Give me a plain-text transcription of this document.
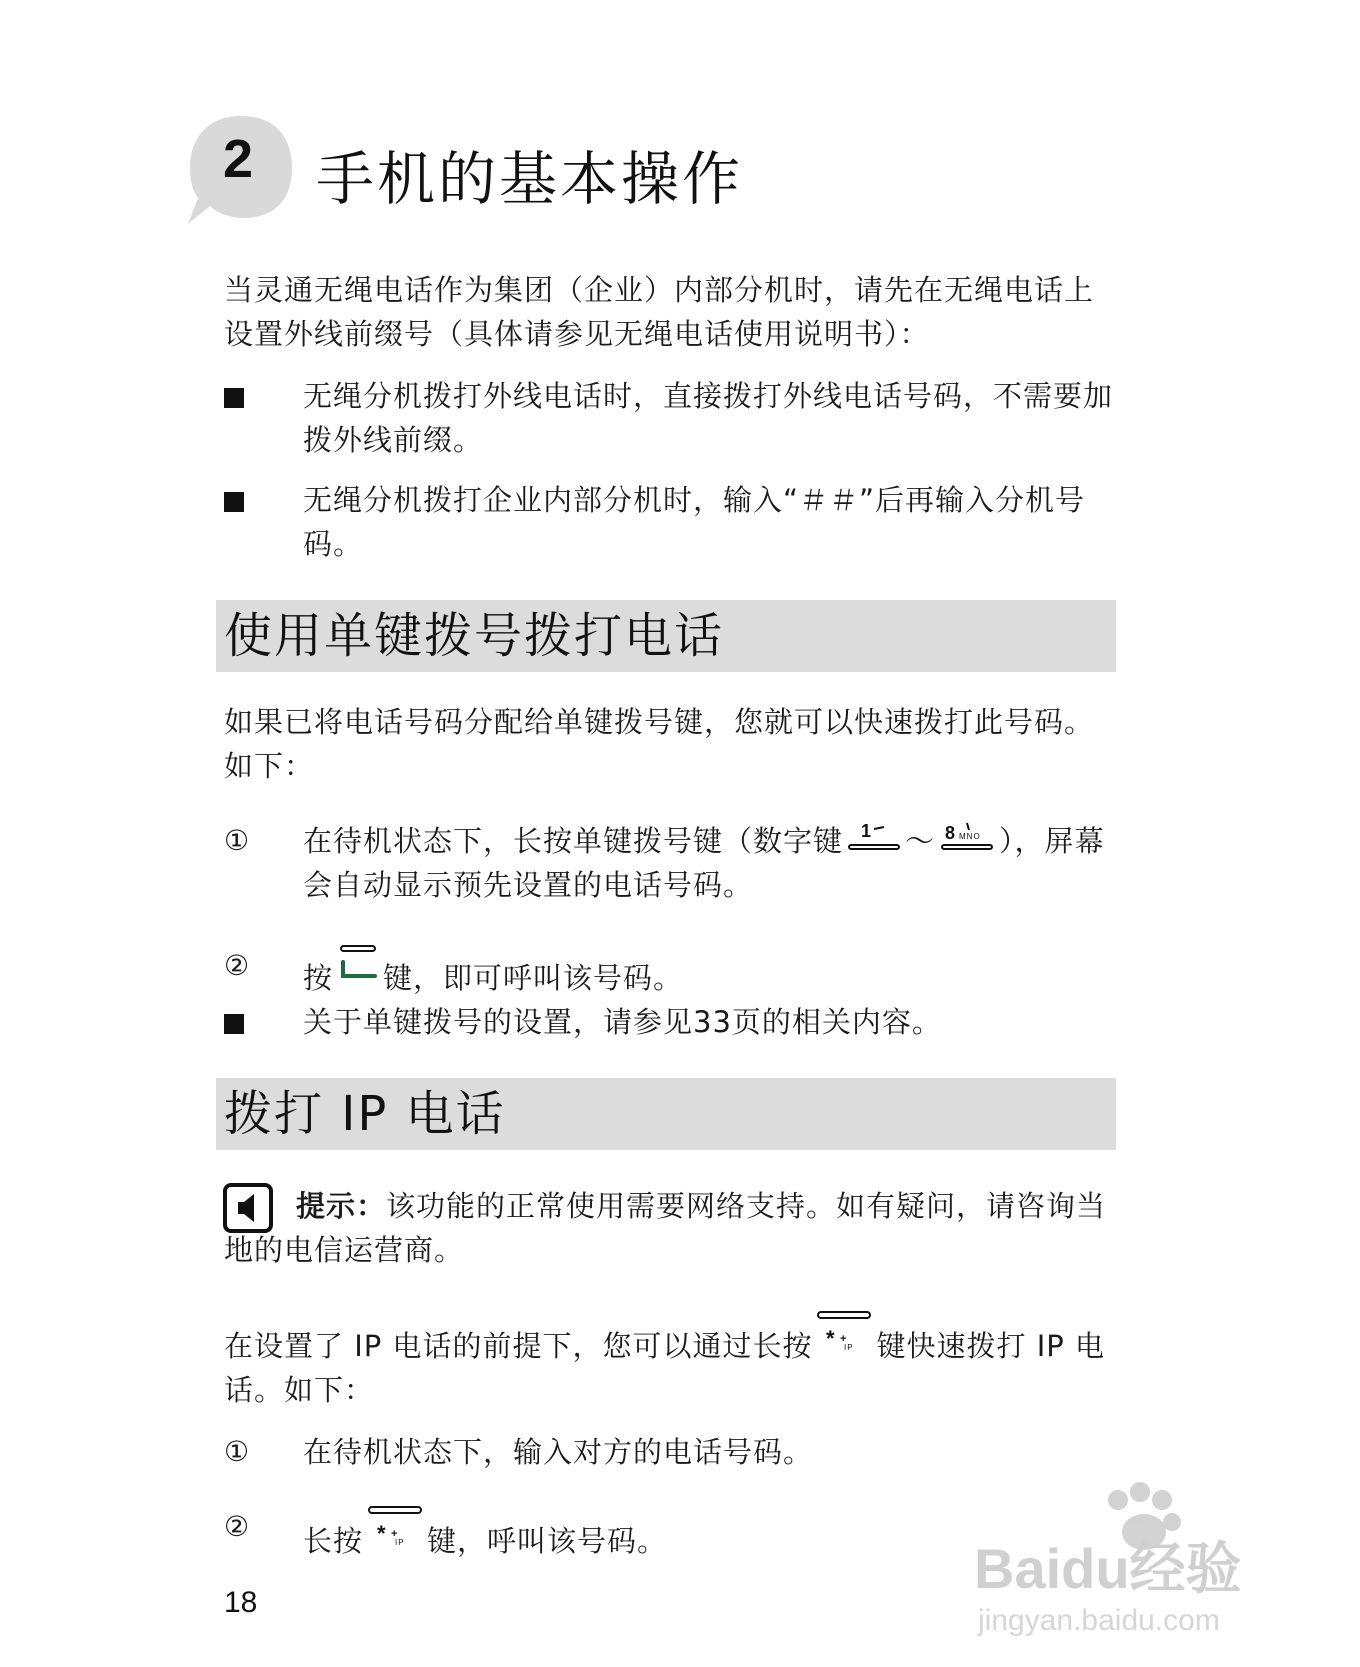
2	手机的基本操作
当灵通无绳电话作为集团（企业）内部分机时，请先在无绳电话上设置外线前缀号（具体请参见无绳电话使用说明书）：
无绳分机拨打外线电话时，直接拨打外线电话号码，不需要加拨外线前缀。
无绳分机拨打企业内部分机时，输入“＃＃”后再输入分机号码。
使用单键拨号拨打电话
如果已将电话号码分配给单键拨号键，您就可以快速拨打此号码。如下：
① 在待机状态下，长按单键拨号键（数字键 1 ～ 8 MNO ），屏幕会自动显示预先设置的电话号码。
② 按 键，即可呼叫该号码。
关于单键拨号的设置，请参见33页的相关内容。
拨打 IP 电话
提示：该功能的正常使用需要网络支持。如有疑问，请咨询当地的电信运营商。
在设置了 IP 电话的前提下，您可以通过长按 * +
IP 键快速拨打 IP 电话。如下：
① 在待机状态下，输入对方的电话号码。
② 长按 * +
IP 键，呼叫该号码。
18
Baidu经验
jingyan.baidu.com
